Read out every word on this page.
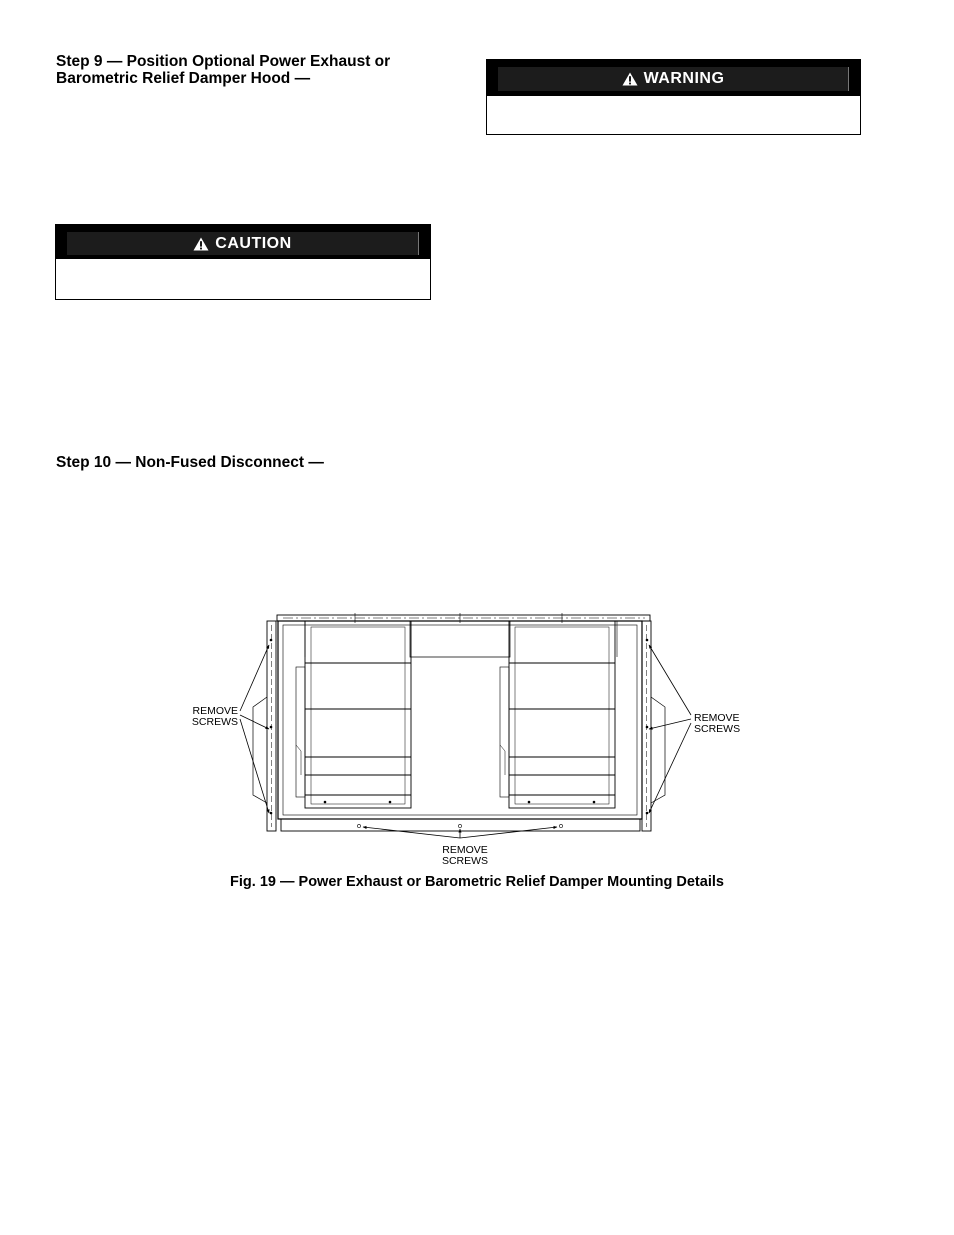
Step 9 — Position Optional Power Exhaust or
Barometric Relief Damper Hood —	WARNING
CAUTION
Step 10 — Non-Fused Disconnect —
REMOVE
SCREWS	REMOVE
SCREWS
REMOVE
SCREWS

Fig. 19 — Power Exhaust or Barometric Relief Damper Mounting Details
